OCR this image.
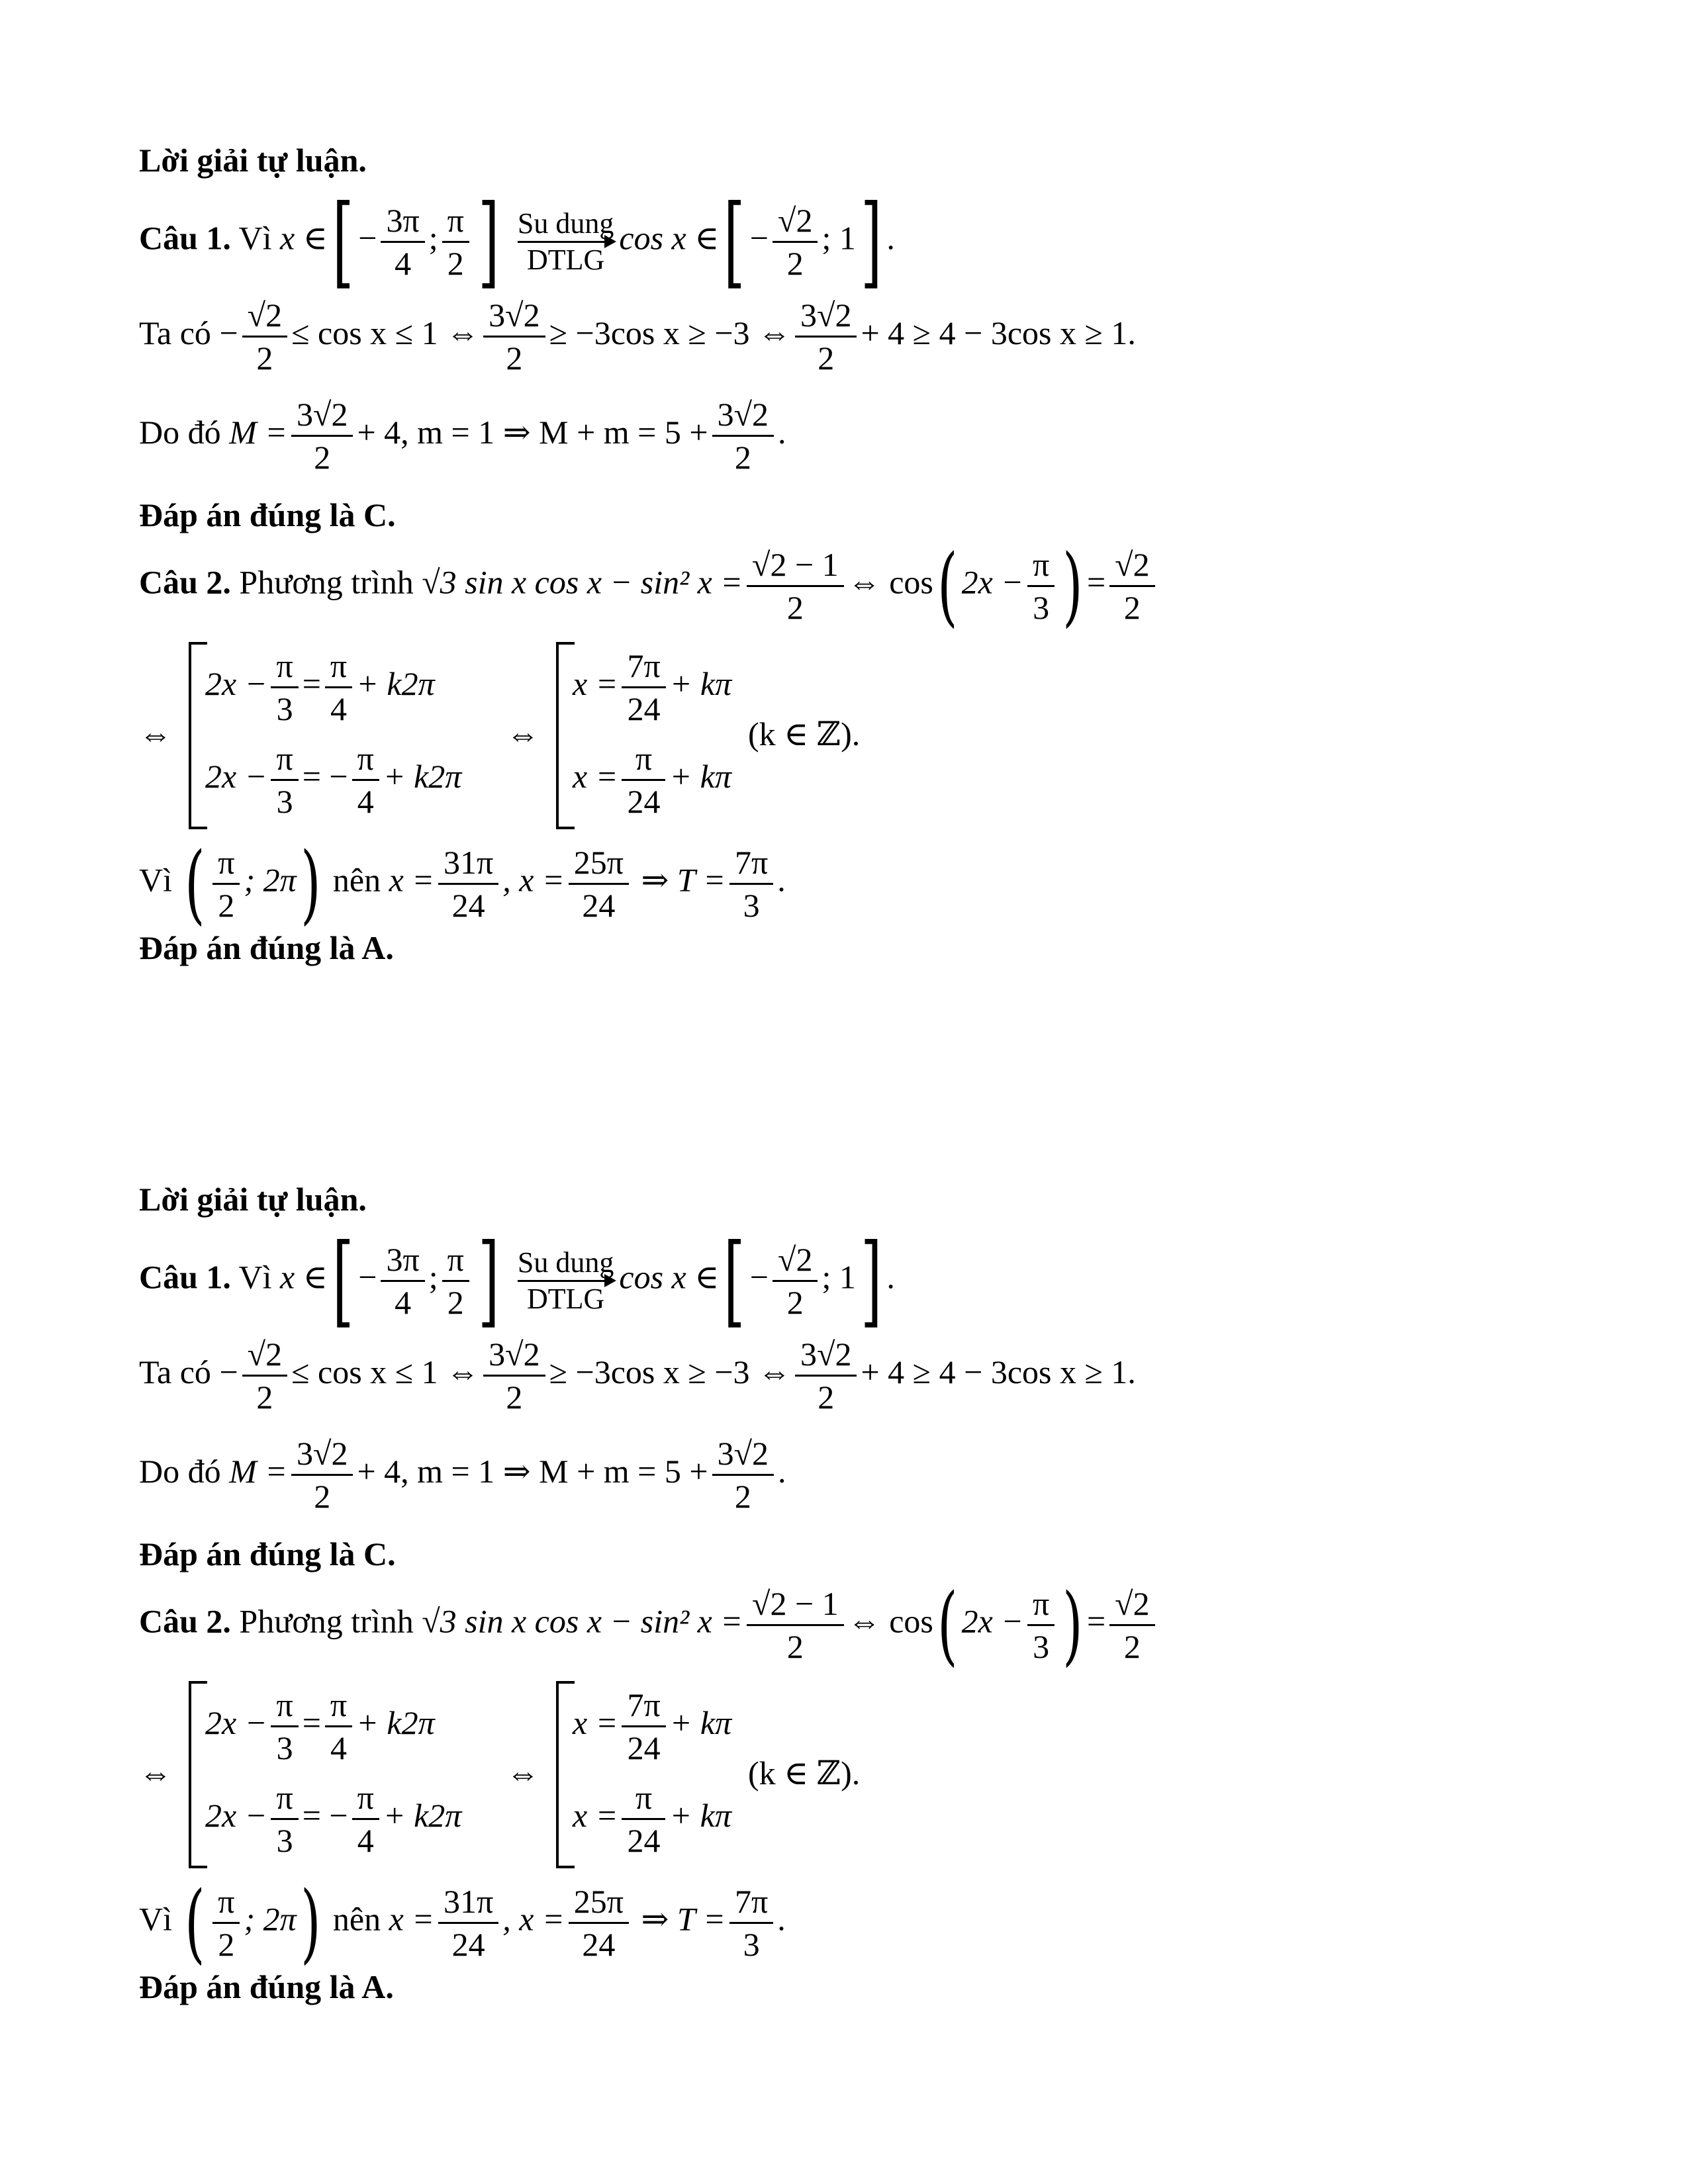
Lời giải tự luận.
Câu 1. Vì x ∈[ − $\frac{3\pi}{4}$ ; $\frac{\pi}{2}$ ] Su dung
DTLG
cos x ∈[ − $\frac{√2}{2}$ ; 1] .
Ta có − $\frac{√2}{2} \le \cos x \le 1$ ⇔ $\frac{3√2}{2} \ge -3\cos$ x ≥ −3 ⇔ $\frac{3√2}{2} + 4 \ge 4 - 3\cos$ x ≥ 1.
Do đó $M = \frac{3√2}{2} + 4$, m = 1 ⇒ $M + m = 5 + \frac{3√2}{2}$ .
Đáp án đúng là C.
Câu 2. Phương trình √3 sin x cos x − sin² $x = \frac{√2 - 1}{2}$ ⇔ cos( $2x - \frac{\pi}{3}$ ) = $\frac{√2}{2}$
⇔
$2x - \frac{\pi}{3} = \frac{\pi}{4} + k2\pi$
$2x - \frac{\pi}{3}$ = − $\frac{\pi}{4} + k2\pi$
⇔
$x = \frac{7\pi}{24} + k\pi$
$x = \frac{\pi}{24} + k\pi$
(k ∈ ℤ).
Vì ( $\frac{\pi}{2}$ ; 2π) nên $x = \frac{31\pi}{24}$ , $x = \frac{25\pi}{24}$ ⇒ $T = \frac{7\pi}{3}$ .
Đáp án đúng là A.
Lời giải tự luận.
Câu 1. Vì x ∈[ − $\frac{3\pi}{4}$ ; $\frac{\pi}{2}$ ] Su dung
DTLG
cos x ∈[ − $\frac{√2}{2}$ ; 1] .
Ta có − $\frac{√2}{2} \le \cos x \le 1$ ⇔ $\frac{3√2}{2} \ge -3\cos$ x ≥ −3 ⇔ $\frac{3√2}{2} + 4 \ge 4 - 3\cos$ x ≥ 1.
Do đó $M = \frac{3√2}{2} + 4$, m = 1 ⇒ $M + m = 5 + \frac{3√2}{2}$ .
Đáp án đúng là C.
Câu 2. Phương trình √3 sin x cos x − sin² $x = \frac{√2 - 1}{2}$ ⇔ cos( $2x - \frac{\pi}{3}$ ) = $\frac{√2}{2}$
⇔
$2x - \frac{\pi}{3} = \frac{\pi}{4} + k2\pi$
$2x - \frac{\pi}{3}$ = − $\frac{\pi}{4} + k2\pi$
⇔
$x = \frac{7\pi}{24} + k\pi$
$x = \frac{\pi}{24} + k\pi$
(k ∈ ℤ).
Vì ( $\frac{\pi}{2}$ ; 2π) nên $x = \frac{31\pi}{24}$ , $x = \frac{25\pi}{24}$ ⇒ $T = \frac{7\pi}{3}$ .
Đáp án đúng là A.
